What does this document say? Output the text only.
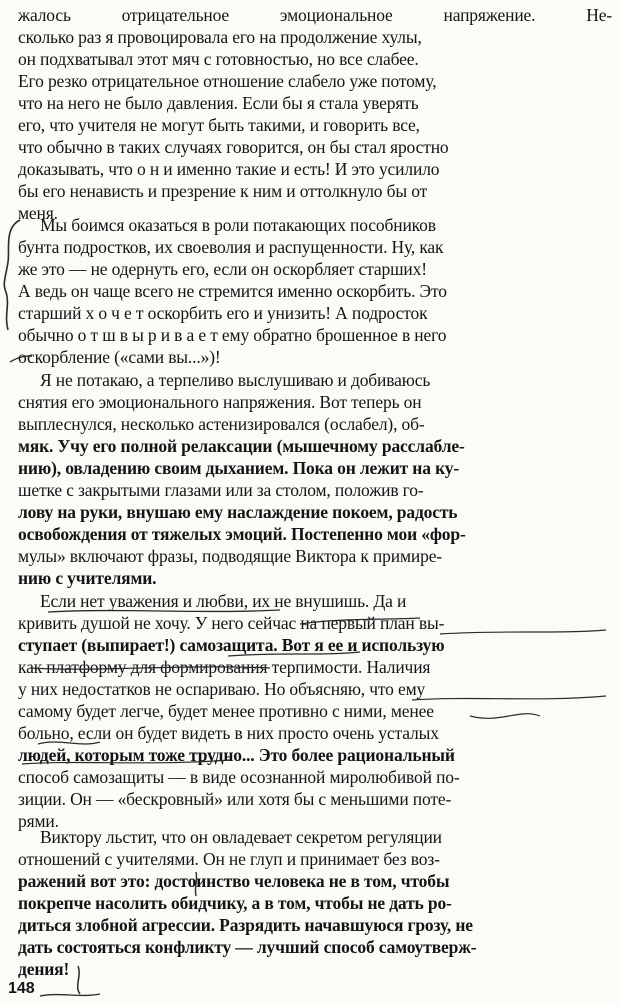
жалось отрицательное эмоциональное напряжение. Не-
сколько раз я провоцировала его на продолжение хулы,
он подхватывал этот мяч с готовностью, но все слабее.
Его резко отрицательное отношение слабело уже потому,
что на него не было давления. Если бы я стала уверять
его, что учителя не могут быть такими, и говорить все,
что обычно в таких случаях говорится, он бы стал яростно
доказывать, что о н и именно такие и есть! И это усилило
бы его ненависть и презрение к ним и оттолкнуло бы от
меня.
Мы боимся оказаться в роли потакающих пособников
бунта подростков, их своеволия и распущенности. Ну, как
же это — не одернуть его, если он оскорбляет старших!
А ведь он чаще всего не стремится именно оскорбить. Это
старший х о ч е т оскорбить его и унизить! А подросток
обычно о т ш в ы р и в а е т ему обратно брошенное в него
оскорбление («сами вы...»)!
Я не потакаю, а терпеливо выслушиваю и добиваюсь
снятия его эмоционального напряжения. Вот теперь он
выплеснулся, несколько астенизировался (ослабел), об-
мяк. Учу его полной релаксации (мышечному расслабле-
нию), овладению своим дыханием. Пока он лежит на ку-
шетке с закрытыми глазами или за столом, положив го-
лову на руки, внушаю ему наслаждение покоем, радость
освобождения от тяжелых эмоций. Постепенно мои «фор-
мулы» включают фразы, подводящие Виктора к примире-
нию с учителями.
Если нет уважения и любви, их не внушишь. Да и
кривить душой не хочу. У него сейчас на первый план вы-
ступает (выпирает!) самозащита. Вот я ее и использую
как платформу для формирования терпимости. Наличия
у них недостатков не оспариваю. Но объясняю, что ему
самому будет легче, будет менее противно с ними, менее
больно, если он будет видеть в них просто очень усталых
людей, которым тоже трудно... Это более рациональный
способ самозащиты — в виде осознанной миролюбивой по-
зиции. Он — «бескровный» или хотя бы с меньшими поте-
рями.
Виктору льстит, что он овладевает секретом регуляции
отношений с учителями. Он не глуп и принимает без воз-
ражений вот это: достоинство человека не в том, чтобы
покрепче насолить обидчику, а в том, чтобы не дать ро-
диться злобной агрессии. Разрядить начавшуюся грозу, не
дать состояться конфликту — лучший способ самоутверж-
дения!
148
